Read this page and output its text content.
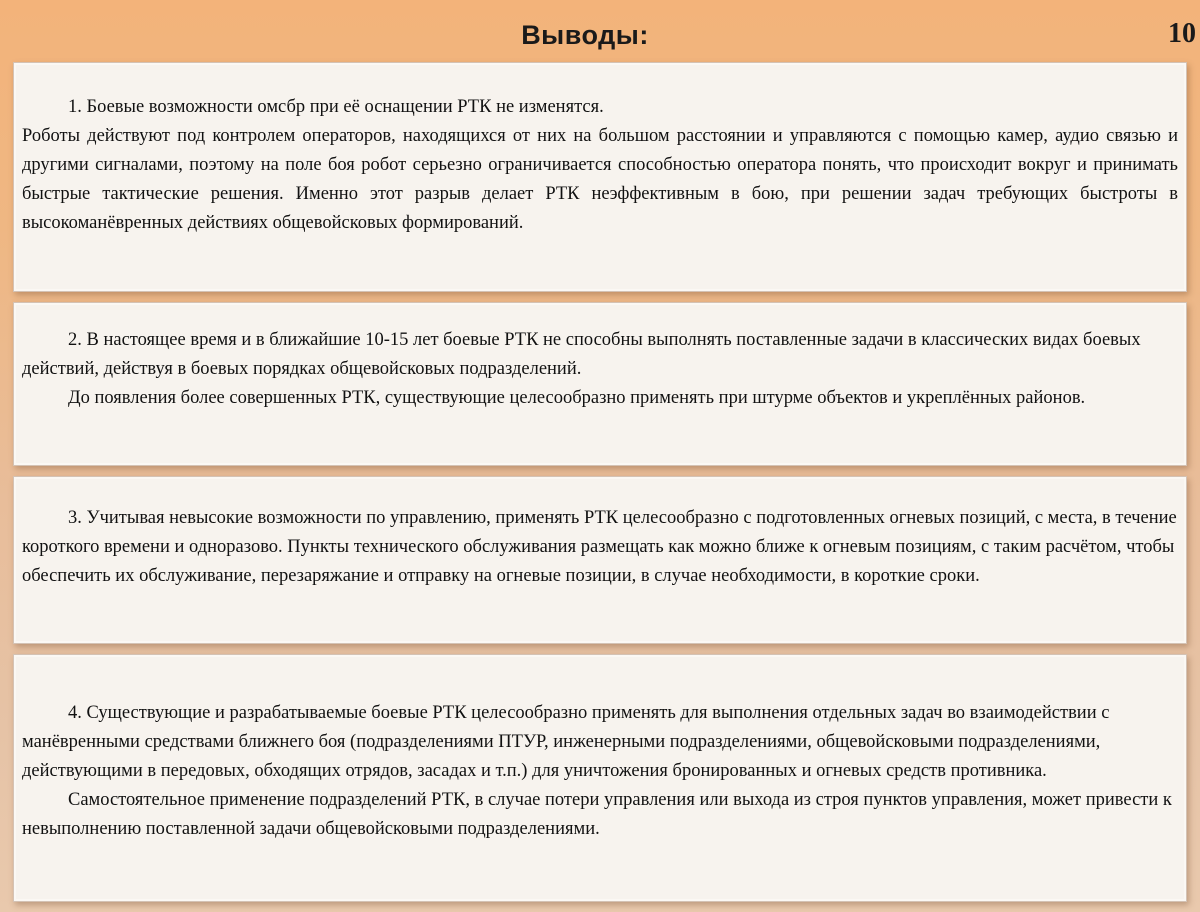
Выводы:	10

1. Боевые возможности омсбр при её оснащении РТК не изменятся.

Роботы действуют под контролем операторов, находящихся от них на большом расстоянии и управляются с помощью камер, аудио связью и другими сигналами, поэтому на поле боя робот серьезно ограничивается способностью оператора понять, что происходит вокруг и принимать быстрые тактические решения. Именно этот разрыв делает РТК неэффективным в бою, при решении задач требующих быстроты в высокоманёвренных действиях общевойсковых формирований.

2. В настоящее время и в ближайшие 10-15 лет боевые РТК не способны выполнять поставленные задачи в классических видах боевых действий, действуя в боевых порядках общевойсковых подразделений.

До появления более совершенных РТК, существующие целесообразно применять при штурме объектов и укреплённых районов.

3. Учитывая невысокие возможности по управлению, применять РТК целесообразно с подготовленных огневых позиций, с места, в течение короткого времени и одноразово. Пункты технического обслуживания размещать как можно ближе к огневым позициям, с таким расчётом, чтобы обеспечить их обслуживание, перезаряжание и отправку на огневые позиции, в случае необходимости, в короткие сроки.

4. Существующие и разрабатываемые боевые РТК целесообразно применять для выполнения отдельных задач во взаимодействии с манёвренными средствами ближнего боя (подразделениями ПТУР, инженерными подразделениями, общевойсковыми подразделениями, действующими в передовых, обходящих отрядов, засадах и т.п.) для уничтожения бронированных и огневых средств противника.

Самостоятельное применение подразделений РТК, в случае потери управления или выхода из строя пунктов управления, может привести к невыполнению поставленной задачи общевойсковыми подразделениями.
